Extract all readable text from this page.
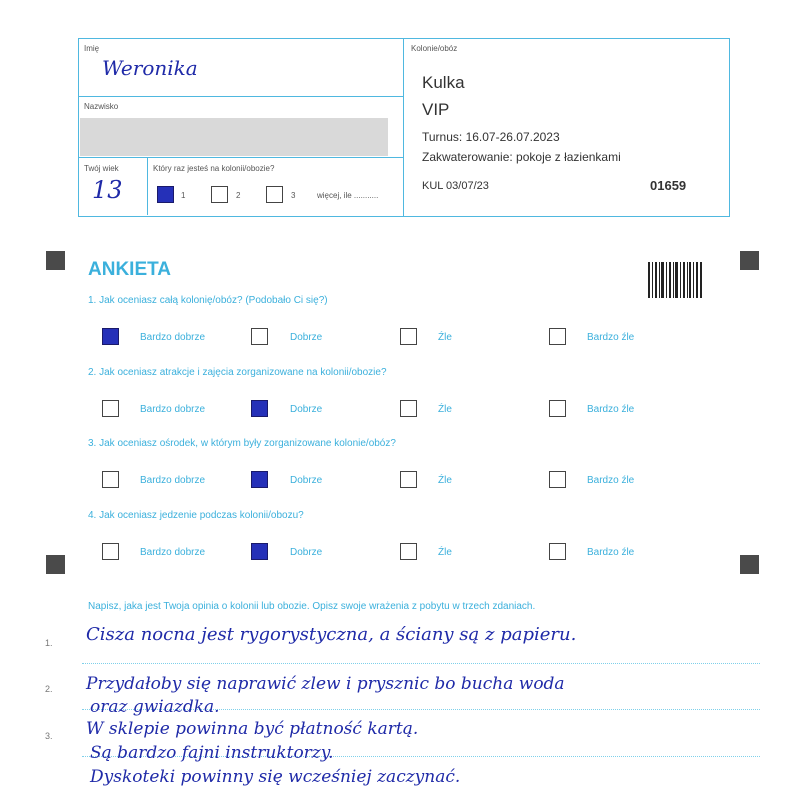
Imię
Weronika
Nazwisko
Twój wiek
13
Który raz jesteś na kolonii/obozie?
1	2	3	więcej, ile ...........
Kolonie/obóz
Kulka
VIP
Turnus: 16.07-26.07.2023
Zakwaterowanie: pokoje z łazienkami
KUL 03/07/23	01659
ANKIETA
1. Jak oceniasz całą kolonię/obóz? (Podobało Ci się?)
Bardzo dobrze	Dobrze	Źle	Bardzo źle
2. Jak oceniasz atrakcje i zajęcia zorganizowane na kolonii/obozie?
Bardzo dobrze	Dobrze	Źle	Bardzo źle
3. Jak oceniasz ośrodek, w którym były zorganizowane kolonie/obóz?
Bardzo dobrze	Dobrze	Źle	Bardzo źle
4. Jak oceniasz jedzenie podczas kolonii/obozu?
Bardzo dobrze	Dobrze	Źle	Bardzo źle
Napisz, jaka jest Twoja opinia o kolonii lub obozie. Opisz swoje wrażenia z pobytu w trzech zdaniach.
1.
2.
3.
Cisza nocna jest rygorystyczna, a ściany są z papieru.
Przydałoby się naprawić zlew i prysznic bo bucha woda
oraz gwiazdka.
W sklepie powinna być płatność kartą.
Są bardzo fajni instruktorzy.
Dyskoteki powinny się wcześniej zaczynać.
